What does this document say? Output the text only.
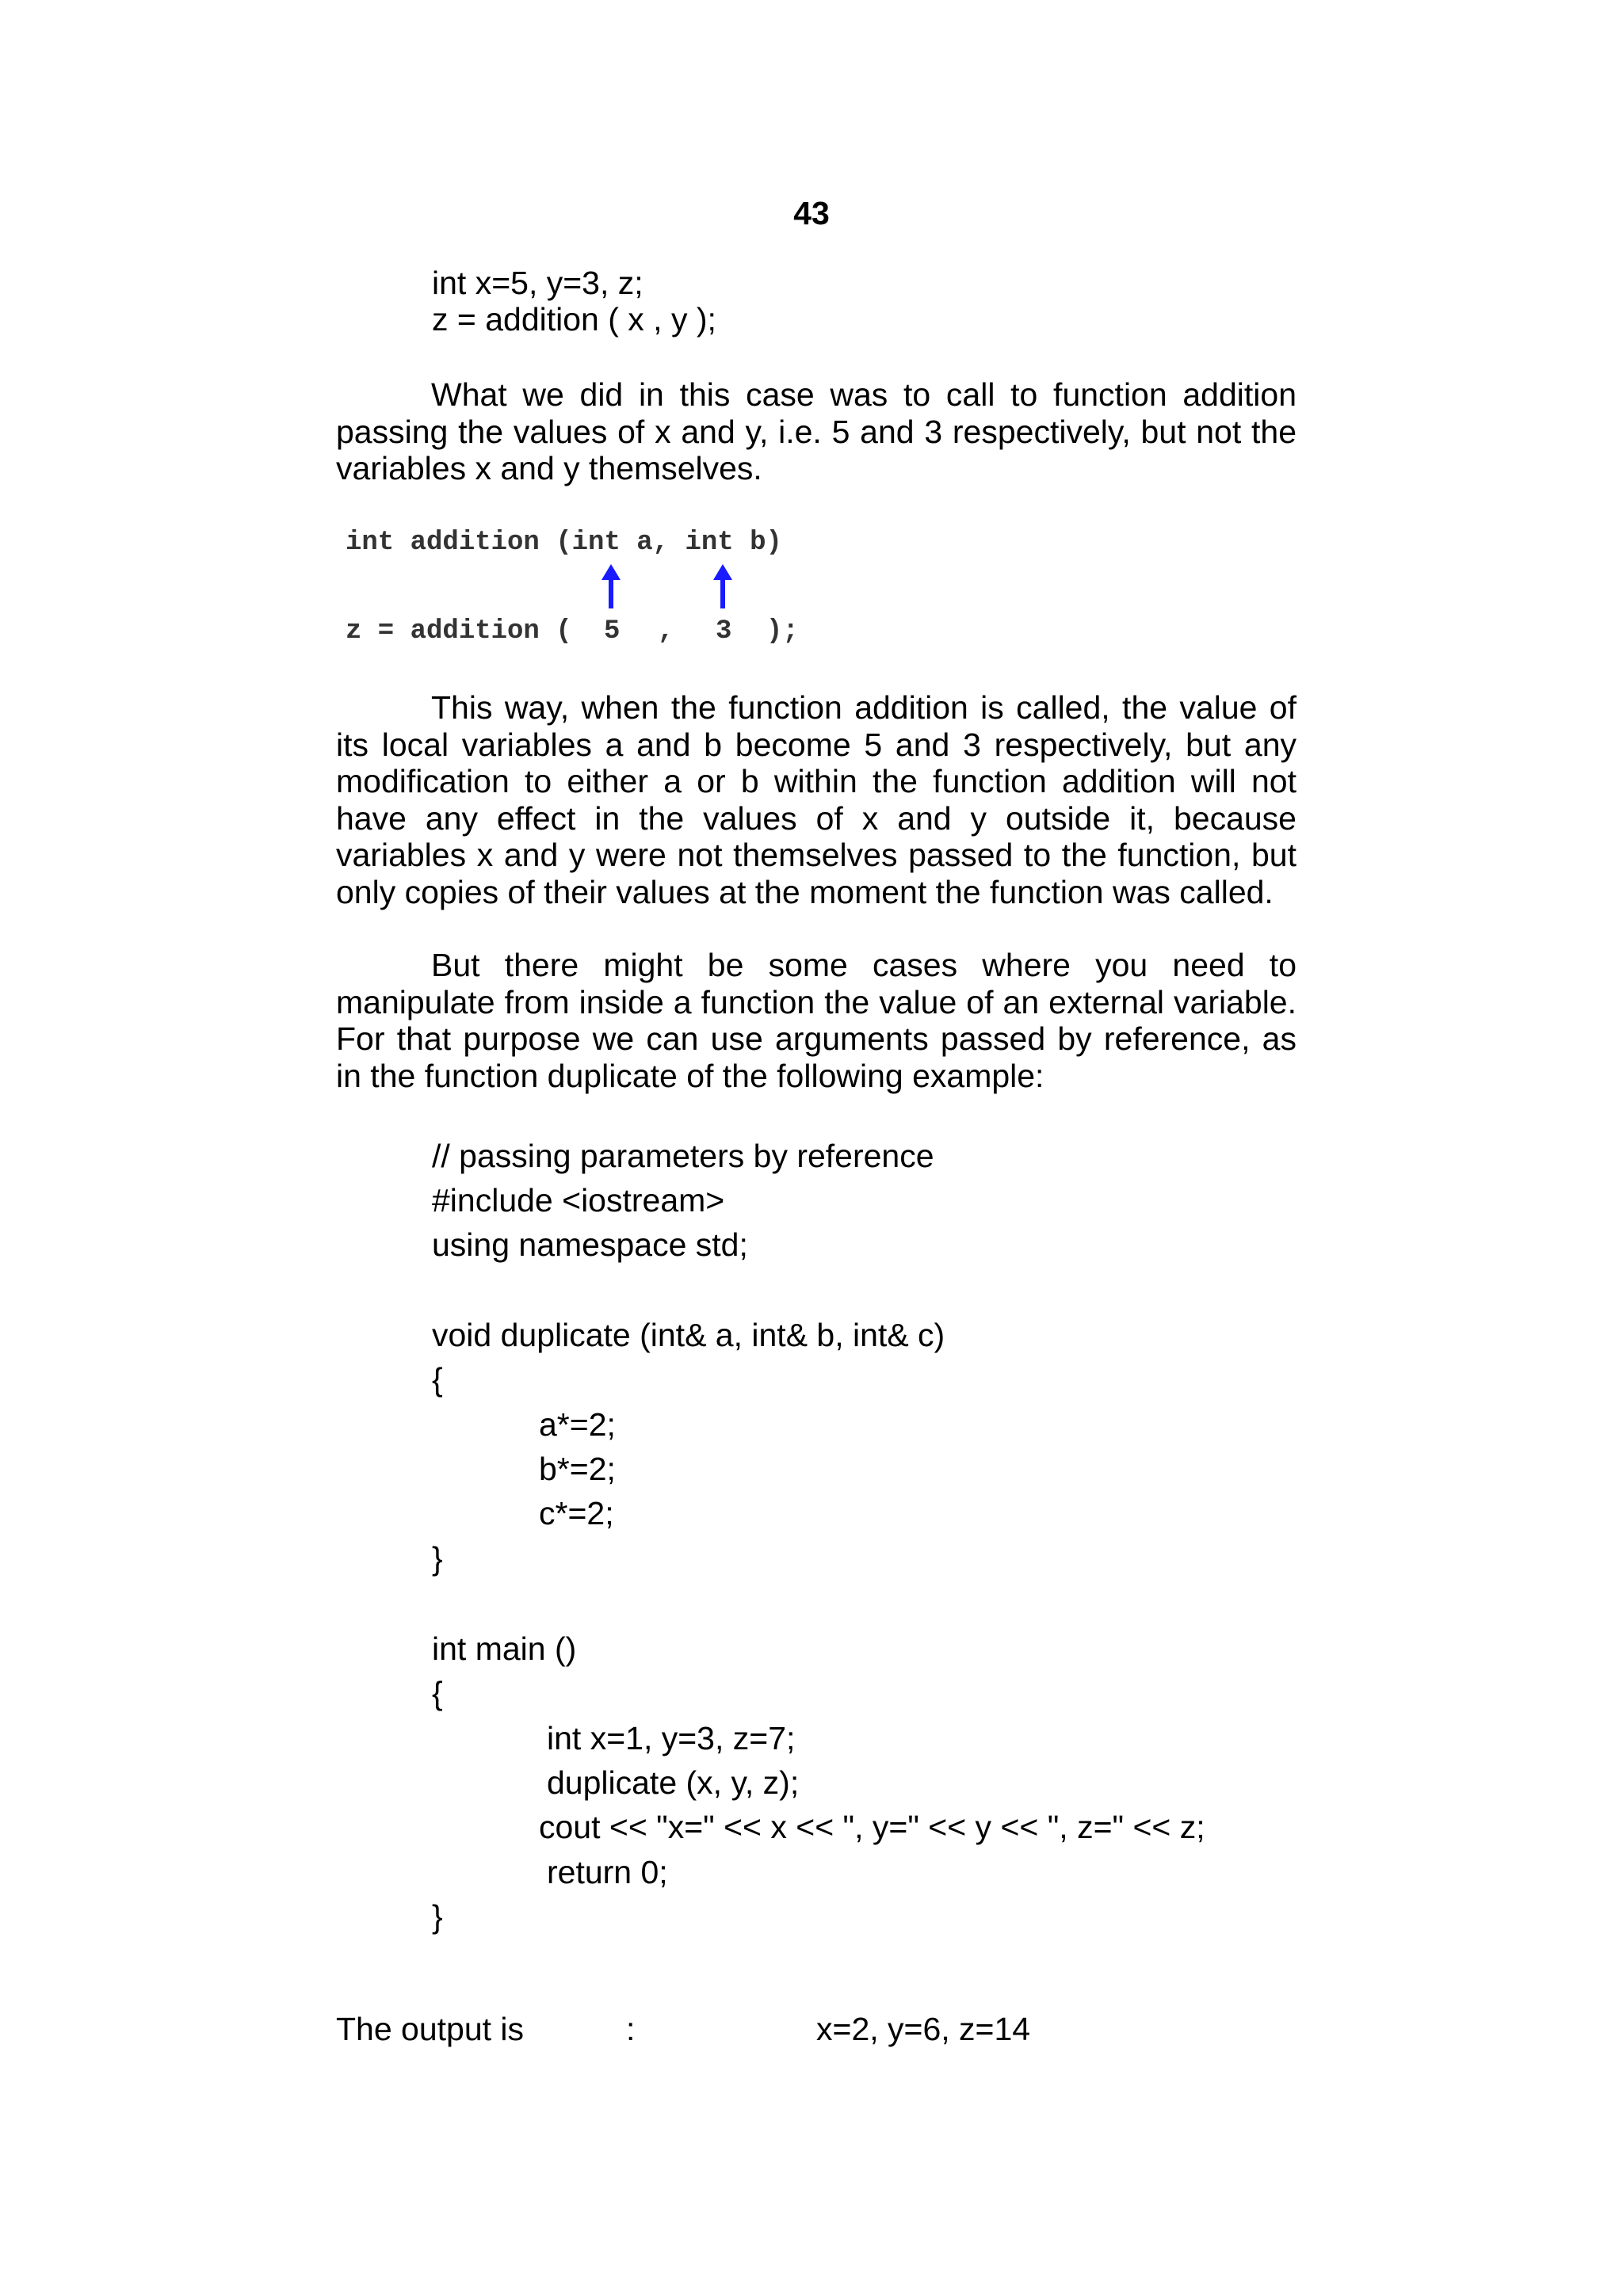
43
int x=5, y=3, z;
z = addition ( x , y );
What we did in this case was to call to function addition passing the values of x and y, i.e. 5 and 3 respectively, but not the variables x and y themselves.
int addition (int a, int b)
z = addition ( 5 , 3 );
This way, when the function addition is called, the value of its local variables a and b become 5 and 3 respectively, but any modification to either a or b within the function addition will not have any effect in the values of x and y outside it, because variables x and y were not themselves passed to the function, but only copies of their values at the moment the function was called.
But there might be some cases where you need to manipulate from inside a function the value of an external variable. For that purpose we can use arguments passed by reference, as in the function duplicate of the following example:
// passing parameters by reference
#include <iostream>
using namespace std;
void duplicate (int& a, int& b, int& c)
{
a*=2;
b*=2;
c*=2;
}
int main ()
{
int x=1, y=3, z=7;
duplicate (x, y, z);
cout << "x=" << x << ", y=" << y << ", z=" << z;
return 0;
}
The output is	:	x=2, y=6, z=14
